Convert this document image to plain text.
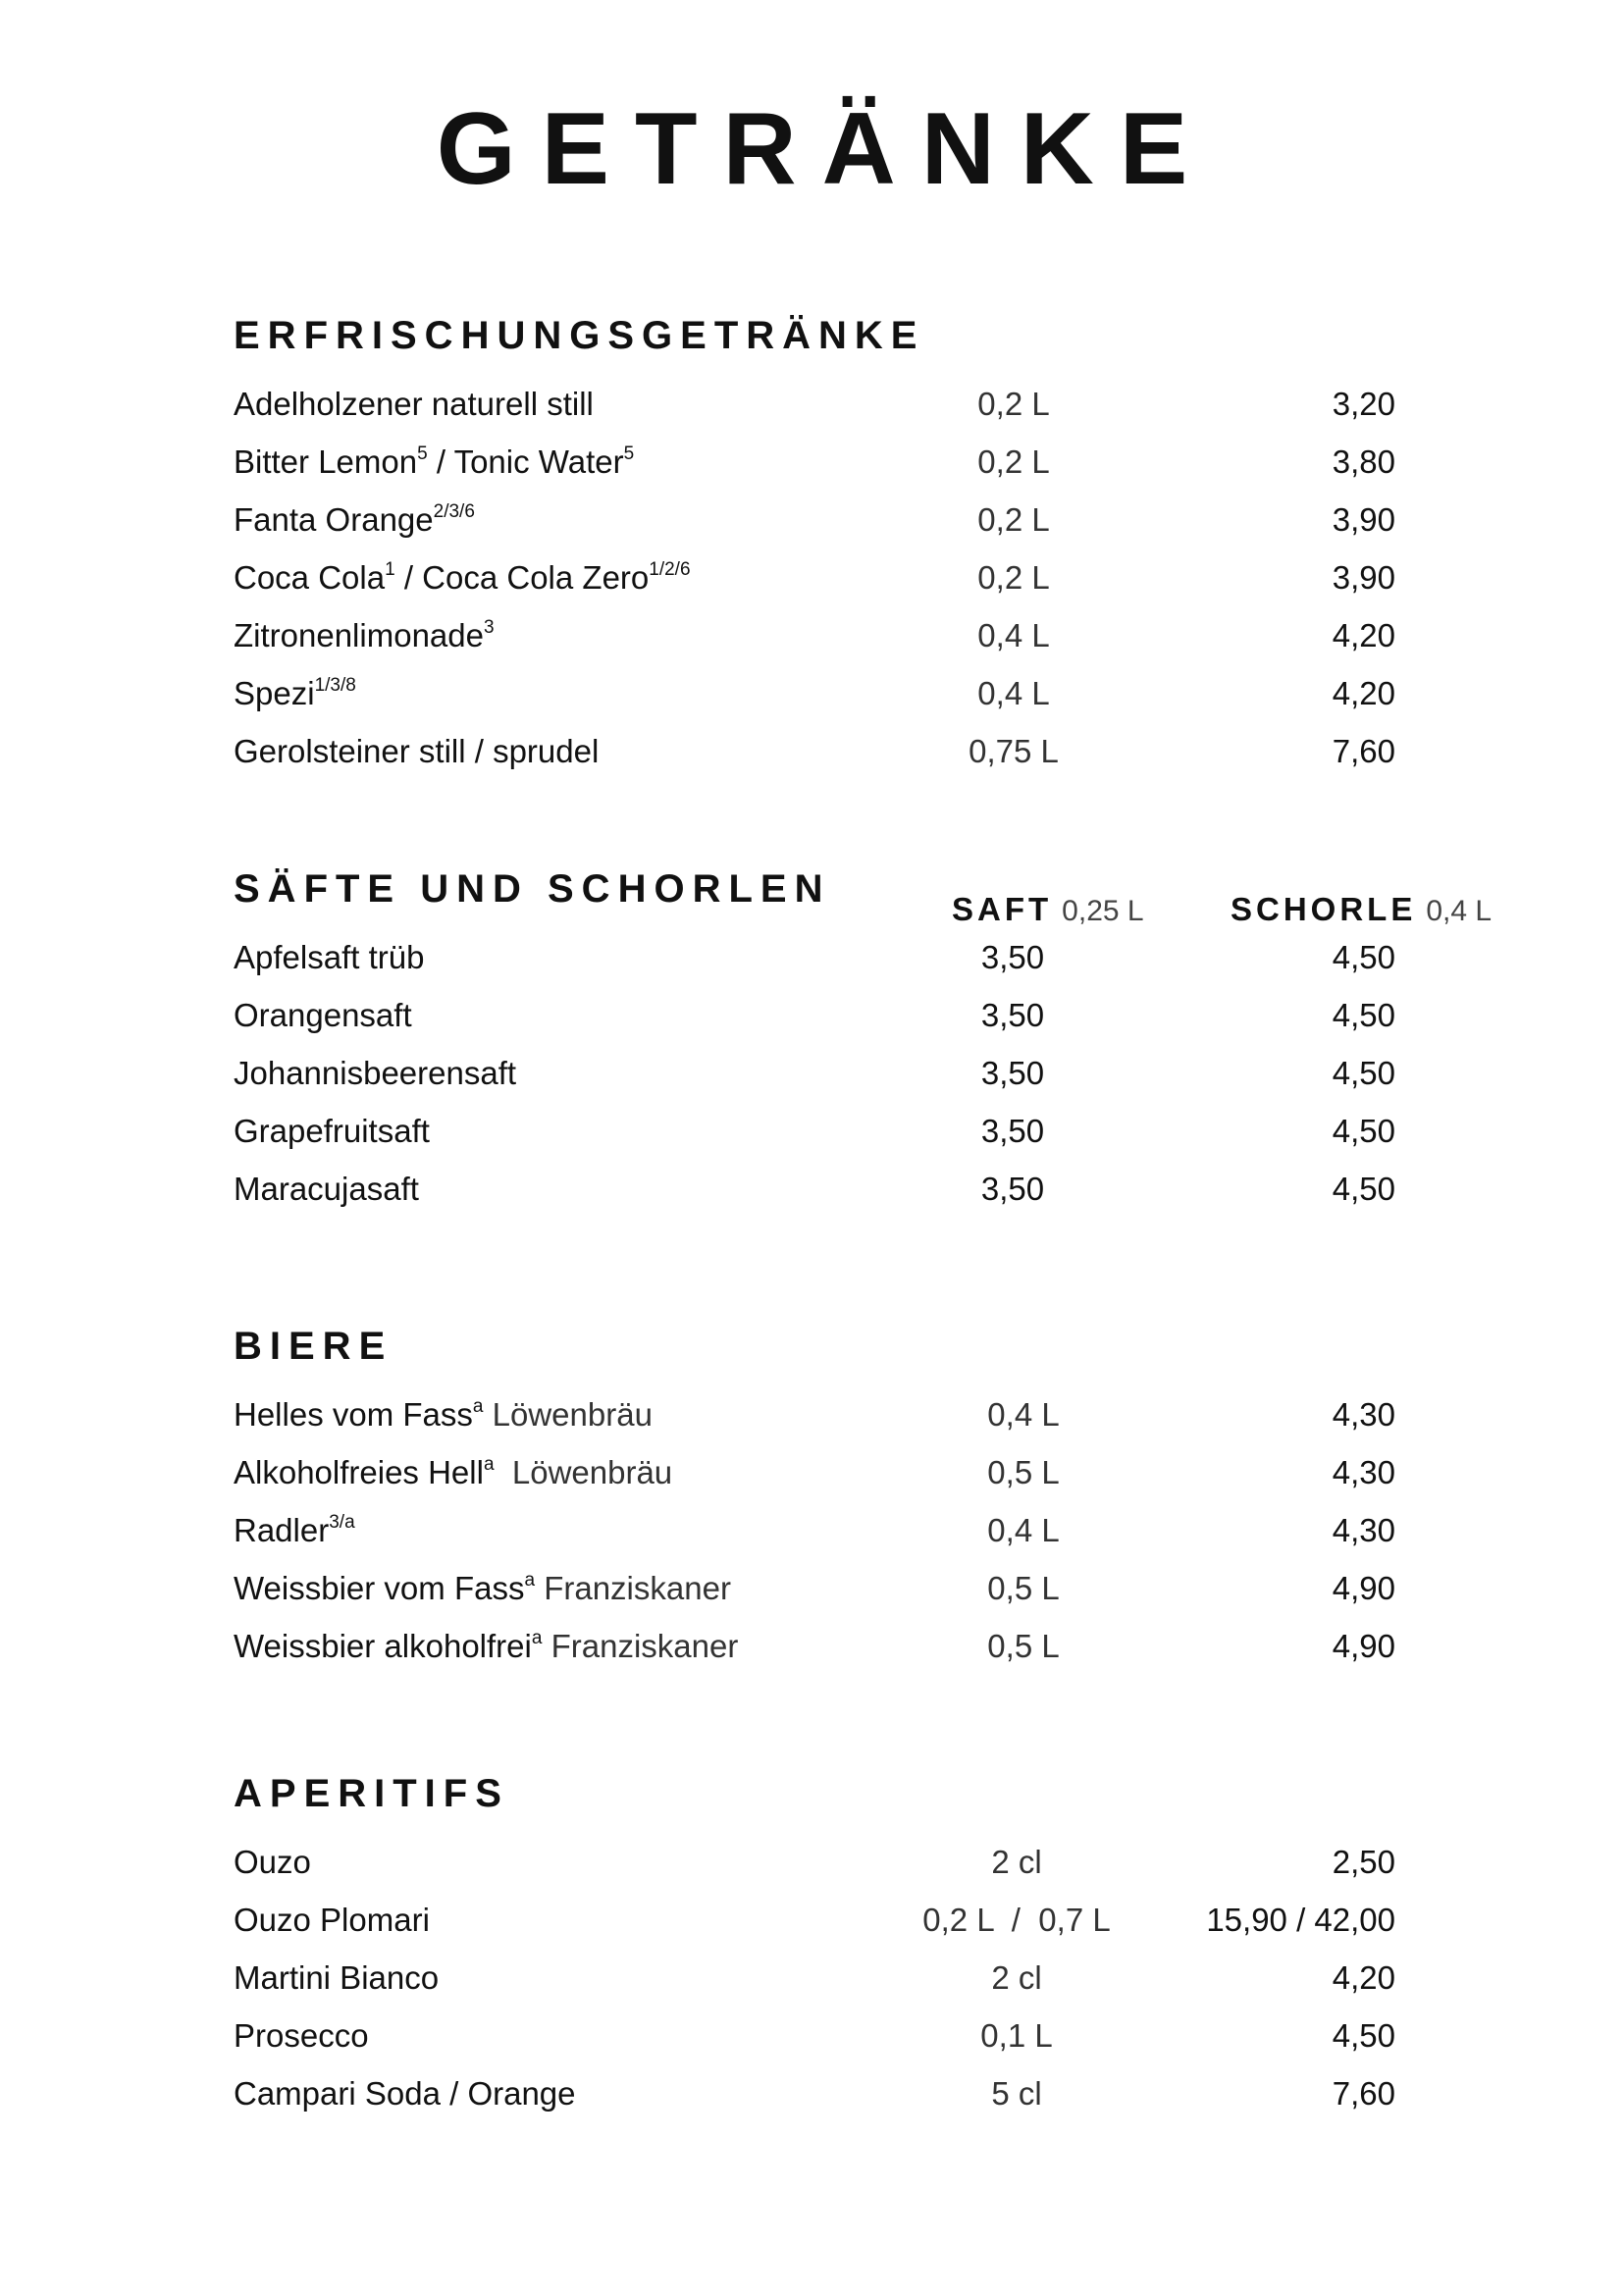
GETRÄNKE
ERFRISCHUNGSGETRÄNKE
Adelholzener naturell still	0,2 L	3,20
Bitter Lemon$^5$ / Tonic Water$^5$	0,2 L	3,80
Fanta Orange$^{2/3/6}$	0,2 L	3,90
Coca Cola$^1$ / Coca Cola Zero$^{1/2/6}$	0,2 L	3,90
Zitronenlimonade$^3$	0,4 L	4,20
Spezi$^{1/3/8}$	0,4 L	4,20
Gerolsteiner still / sprudel	0,75 L	7,60
SÄFTE UND SCHORLEN	SAFT 0,25 L	SCHORLE 0,4 L
Apfelsaft trüb	3,50	4,50
Orangensaft	3,50	4,50
Johannisbeerensaft	3,50	4,50
Grapefruitsaft	3,50	4,50
Maracujasaft	3,50	4,50
BIERE
Helles vom Fass$^a$ Löwenbräu	0,4 L	4,30
Alkoholfreies Hell$^a$  Löwenbräu	0,5 L	4,30
Radler$^{3/a}$	0,4 L	4,30
Weissbier vom Fass$^a$ Franziskaner	0,5 L	4,90
Weissbier alkoholfrei$^a$ Franziskaner	0,5 L	4,90
APERITIFS
Ouzo	2 cl	2,50
Ouzo Plomari	0,2 L  /  0,7 L	15,90 / 42,00
Martini Bianco	2 cl	4,20
Prosecco	0,1 L	4,50
Campari Soda / Orange	5 cl	7,60
